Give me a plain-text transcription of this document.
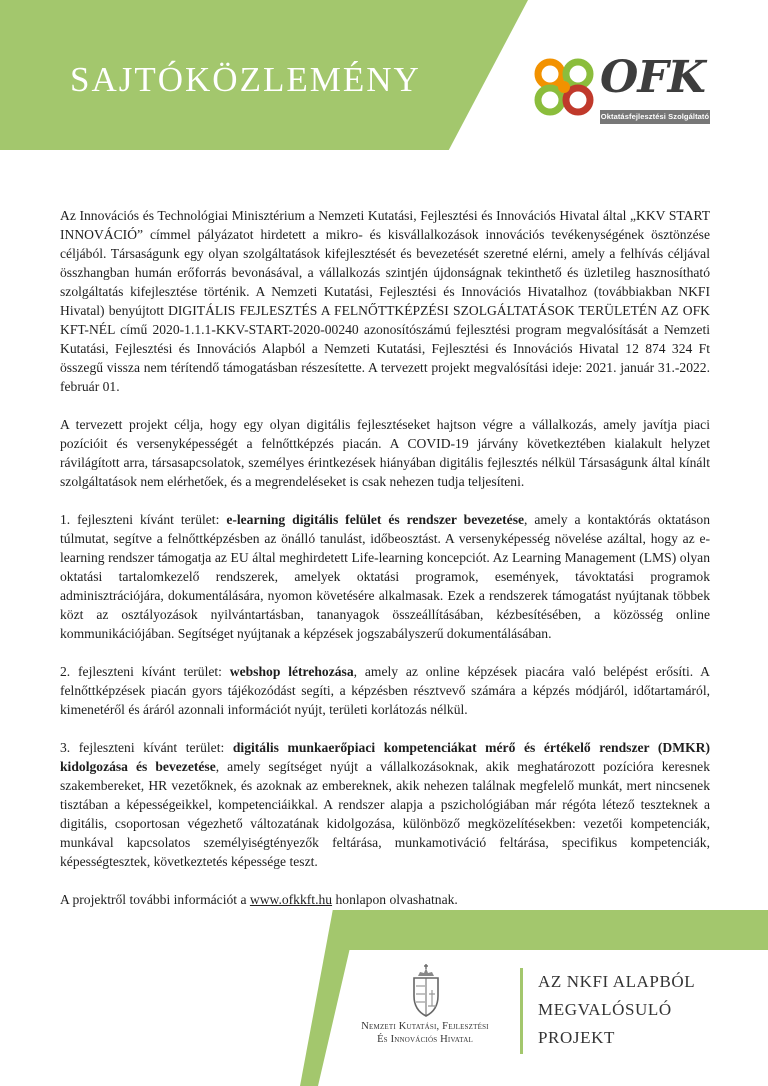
SAJTÓKÖZLEMÉNY	OFK
Oktatásfejlesztési Szolgáltató Kft.

Az Innovációs és Technológiai Minisztérium a Nemzeti Kutatási, Fejlesztési és Innovációs Hivatal által „KKV START INNOVÁCIÓ” címmel pályázatot hirdetett a mikro- és kisvállalkozások innovációs tevékenységének ösztönzése céljából. Társaságunk egy olyan szolgáltatások kifejlesztését és bevezetését szeretné elérni, amely a felhívás céljával összhangban humán erőforrás bevonásával, a vállalkozás szintjén újdonságnak tekinthető és üzletileg hasznosítható szolgáltatás kifejlesztése történik. A Nemzeti Kutatási, Fejlesztési és Innovációs Hivatalhoz (továbbiakban NKFI Hivatal) benyújtott DIGITÁLIS FEJLESZTÉS A FELNŐTTKÉPZÉSI SZOLGÁLTATÁSOK TERÜLETÉN AZ OFK KFT-NÉL című 2020-1.1.1-KKV-START-2020-00240 azonosítószámú fejlesztési program megvalósítását a Nemzeti Kutatási, Fejlesztési és Innovációs Alapból a Nemzeti Kutatási, Fejlesztési és Innovációs Hivatal 12 874 324 Ft összegű vissza nem térítendő támogatásban részesítette. A tervezett projekt megvalósítási ideje: 2021. január 31.-2022. február 01.

A tervezett projekt célja, hogy egy olyan digitális fejlesztéseket hajtson végre a vállalkozás, amely javítja piaci pozícióit és versenyképességét a felnőttképzés piacán. A COVID-19 járvány következtében kialakult helyzet rávilágított arra, társasapcsolatok, személyes érintkezések hiányában digitális fejlesztés nélkül Társaságunk által kínált szolgáltatások nem elérhetőek, és a megrendeléseket is csak nehezen tudja teljesíteni.

1. fejleszteni kívánt terület: e-learning digitális felület és rendszer bevezetése, amely a kontaktórás oktatáson túlmutat, segítve a felnőttképzésben az önálló tanulást, időbeosztást. A versenyképesség növelése azáltal, hogy az e-learning rendszer támogatja az EU által meghirdetett Life-learning koncepciót. Az Learning Management (LMS) olyan oktatási tartalomkezelő rendszerek, amelyek oktatási programok, események, távoktatási programok adminisztrációjára, dokumentálására, nyomon követésére alkalmasak. Ezek a rendszerek támogatást nyújtanak többek közt az osztályozások nyilvántartásban, tananyagok összeállításában, kézbesítésében, a közösség online kommunikációjában. Segítséget nyújtanak a képzések jogszabályszerű dokumentálásában.

2. fejleszteni kívánt terület: webshop létrehozása, amely az online képzések piacára való belépést erősíti. A felnőttképzések piacán gyors tájékozódást segíti, a képzésben résztvevő számára a képzés módjáról, időtartamáról, kimenetéről és áráról azonnali információt nyújt, területi korlátozás nélkül.

3. fejleszteni kívánt terület: digitális munkaerőpiaci kompetenciákat mérő és értékelő rendszer (DMKR) kidolgozása és bevezetése, amely segítséget nyújt a vállalkozásoknak, akik meghatározott pozícióra keresnek szakembereket, HR vezetőknek, és azoknak az embereknek, akik nehezen találnak megfelelő munkát, mert nincsenek tisztában a képességeikkel, kompetenciáikkal. A rendszer alapja a pszichológiában már régóta létező teszteknek a digitális, csoportosan végezhető változatának kidolgozása, különböző megközelítésekben: vezetői kompetenciák, munkával kapcsolatos személyiségtényezők feltárása, munkamotiváció feltárása, specifikus kompetenciák, képességtesztek, következtetés képessége teszt.

A projektről további információt a www.ofkkft.hu honlapon olvashatnak.

Nemzeti Kutatási, Fejlesztési
És Innovációs Hivatal
AZ NKFI ALAPBÓL
MEGVALÓSULÓ
PROJEKT
